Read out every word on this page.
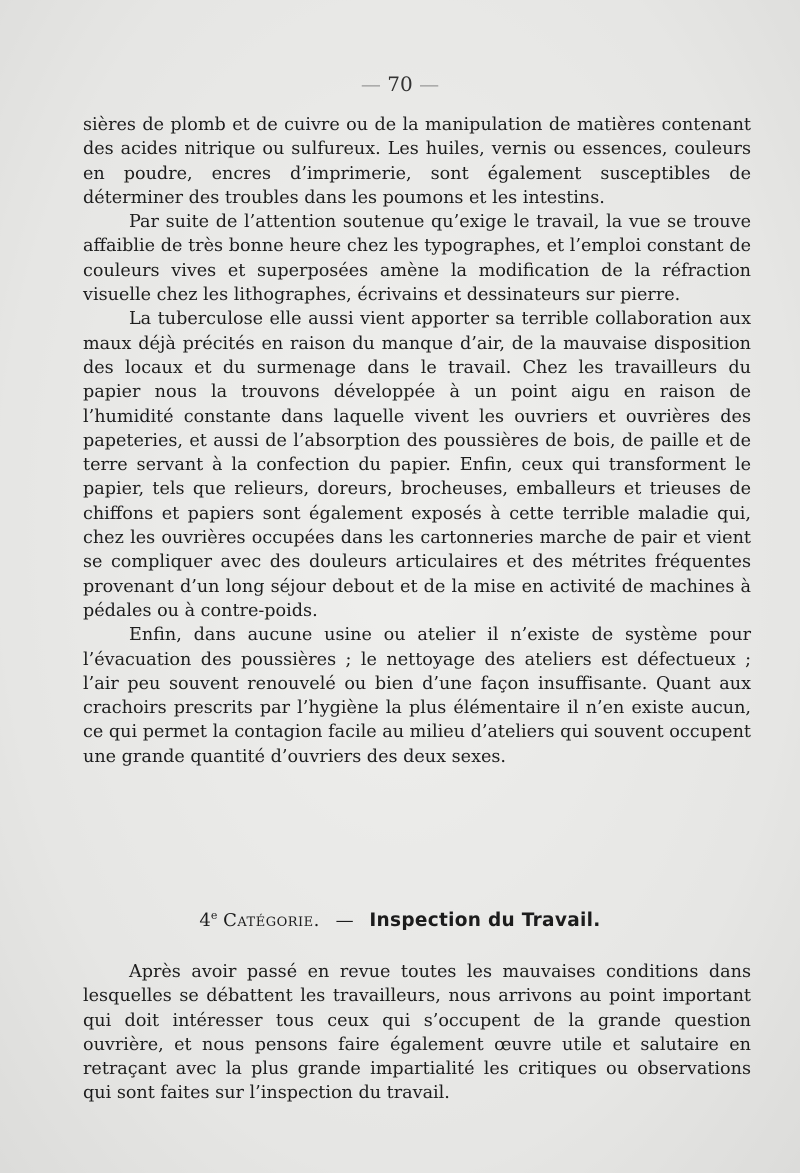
— 70 —

sières de plomb et de cuivre ou de la manipulation de matières contenant des acides nitrique ou sulfureux. Les huiles, vernis ou essences, couleurs en poudre, encres d’imprimerie, sont également susceptibles de déterminer des troubles dans les poumons et les intestins.

Par suite de l’attention soutenue qu’exige le travail, la vue se trouve affaiblie de très bonne heure chez les typographes, et l’emploi constant de couleurs vives et superposées amène la modification de la réfraction visuelle chez les lithographes, écrivains et dessinateurs sur pierre.

La tuberculose elle aussi vient apporter sa terrible collaboration aux maux déjà précités en raison du manque d’air, de la mauvaise disposition des locaux et du surmenage dans le travail. Chez les travailleurs du papier nous la trouvons développée à un point aigu en raison de l’humidité constante dans laquelle vivent les ouvriers et ouvrières des papeteries, et aussi de l’absorption des poussières de bois, de paille et de terre servant à la confection du papier. Enfin, ceux qui transforment le papier, tels que relieurs, doreurs, brocheuses, emballeurs et trieuses de chiffons et papiers sont également exposés à cette terrible maladie qui, chez les ouvrières occupées dans les cartonneries marche de pair et vient se compliquer avec des douleurs articulaires et des métrites fréquentes provenant d’un long séjour debout et de la mise en activité de machines à pédales ou à contre-poids.

Enfin, dans aucune usine ou atelier il n’existe de système pour l’évacuation des poussières ; le nettoyage des ateliers est défectueux ; l’air peu souvent renouvelé ou bien d’une façon insuffisante. Quant aux crachoirs prescrits par l’hygiène la plus élémentaire il n’en existe aucun, ce qui permet la contagion facile au milieu d’ateliers qui souvent occupent une grande quantité d’ouvriers des deux sexes.

4e Catégorie. — Inspection du Travail.

Après avoir passé en revue toutes les mauvaises conditions dans lesquelles se débattent les travailleurs, nous arrivons au point important qui doit intéresser tous ceux qui s’occupent de la grande question ouvrière, et nous pensons faire également œuvre utile et salutaire en retraçant avec la plus grande impartialité les critiques ou observations qui sont faites sur l’inspection du travail.
